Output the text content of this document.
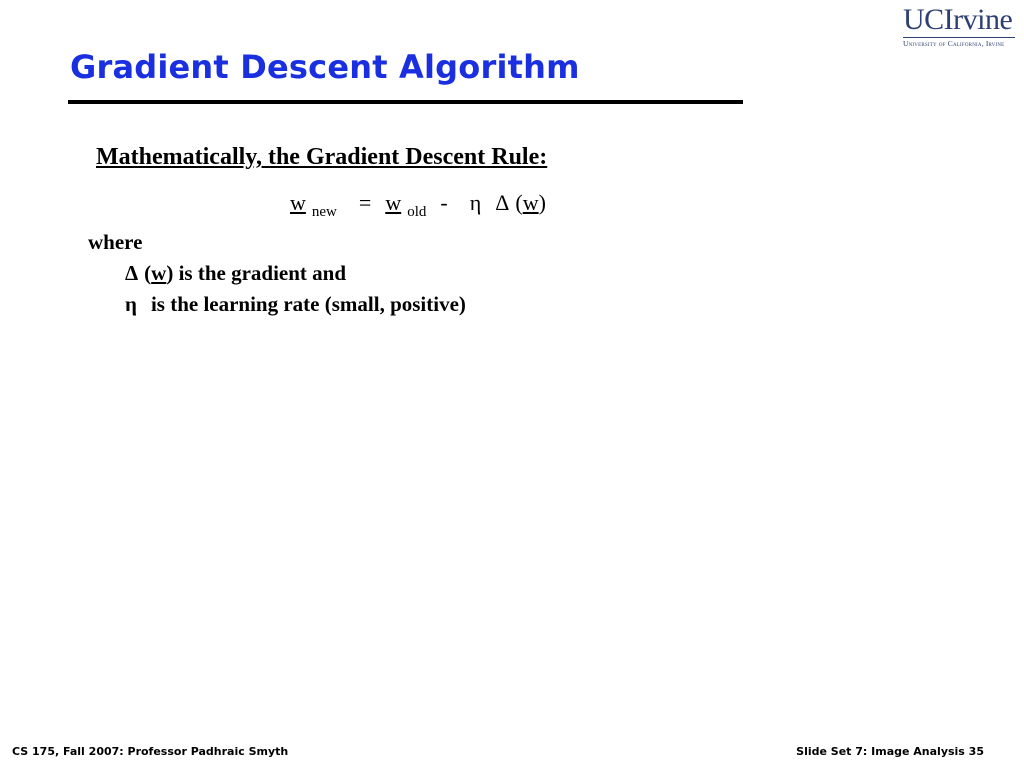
Gradient Descent Algorithm
UCIrvine
University of California, Irvine
Mathematically, the Gradient Descent Rule:
w new = w old - η Δ (w)
where
Δ (w) is the gradient and
η is the learning rate (small, positive)
CS 175, Fall 2007: Professor Padhraic Smyth	Slide Set 7: Image Analysis 35
